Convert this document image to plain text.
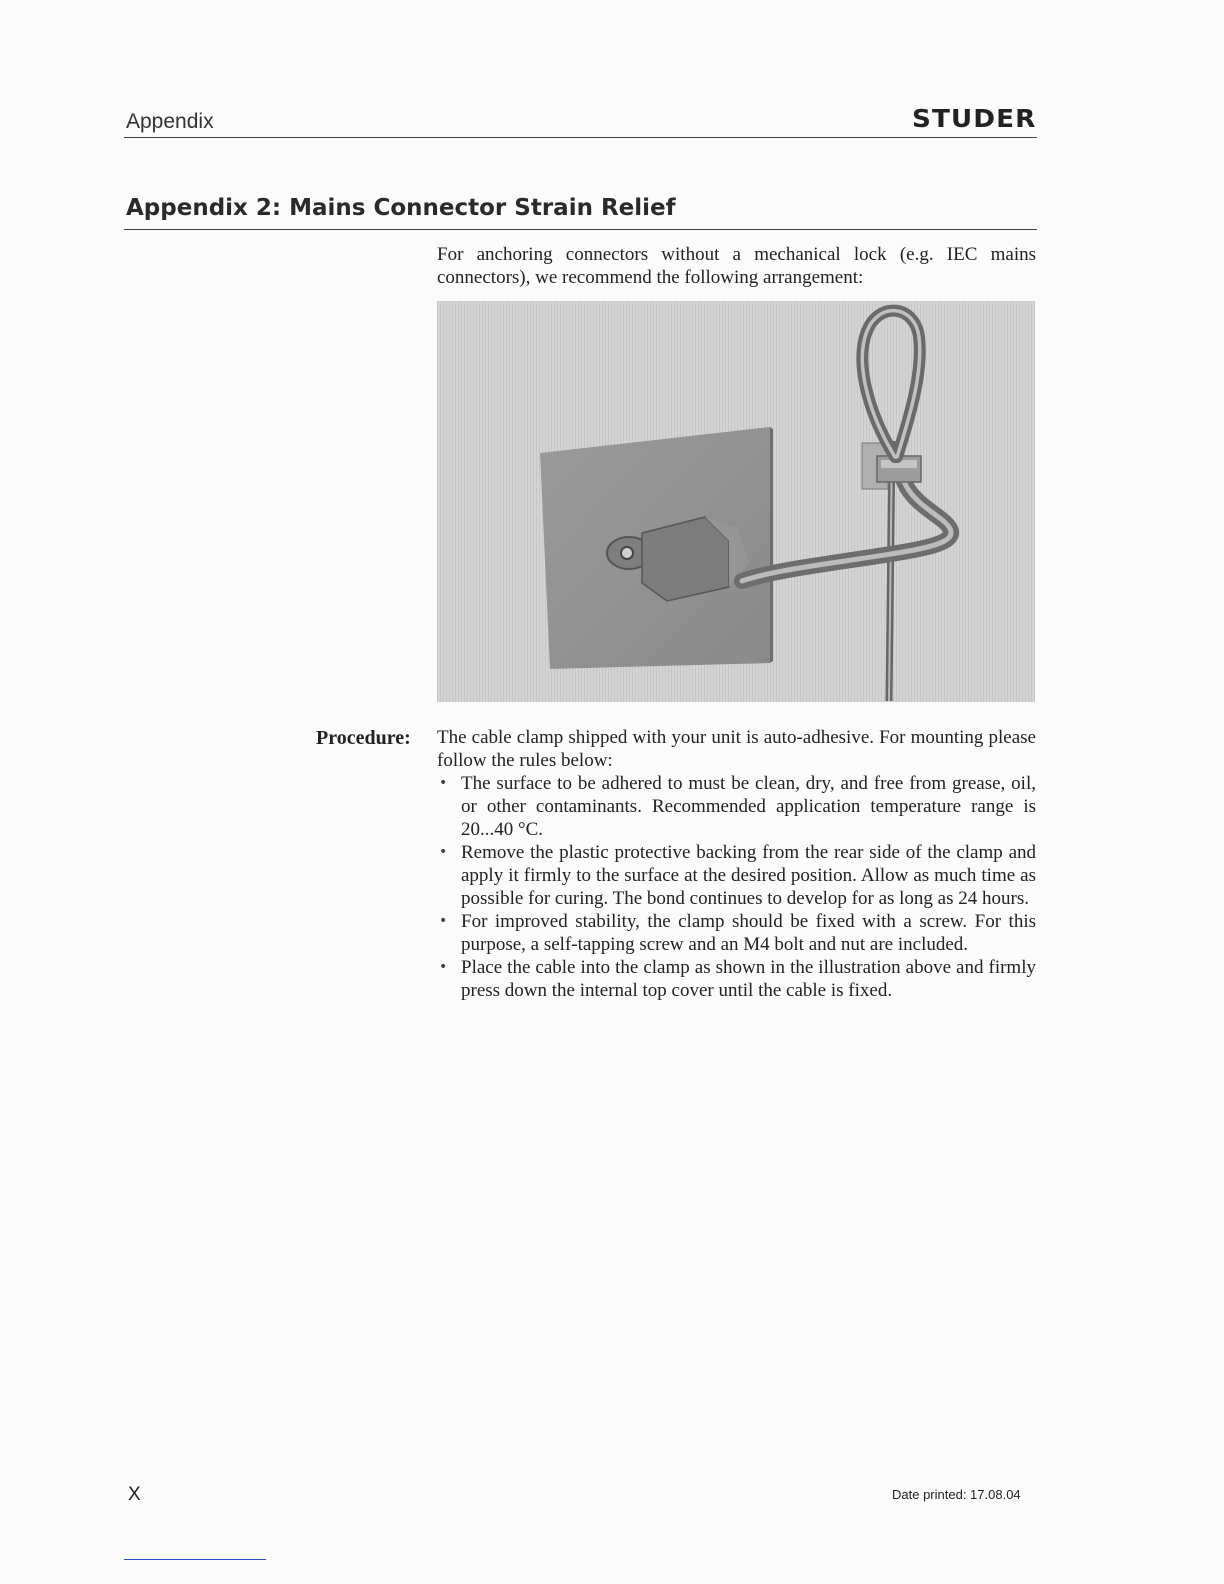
Appendix	STUDER
Appendix 2: Mains Connector Strain Relief
For anchoring connectors without a mechanical lock (e.g. IEC mains connectors), we recommend the following arrangement:
Procedure: The cable clamp shipped with your unit is auto-adhesive. For mounting please follow the rules below:
• The surface to be adhered to must be clean, dry, and free from grease, oil, or other contaminants. Recommended application temperature range is 20...40 °C.
• Remove the plastic protective backing from the rear side of the clamp and apply it firmly to the surface at the desired position. Allow as much time as possible for curing. The bond continues to develop for as long as 24 hours.
• For improved stability, the clamp should be fixed with a screw. For this purpose, a self-tapping screw and an M4 bolt and nut are included.
• Place the cable into the clamp as shown in the illustration above and firmly press down the internal top cover until the cable is fixed.
X	Date printed: 17.08.04
